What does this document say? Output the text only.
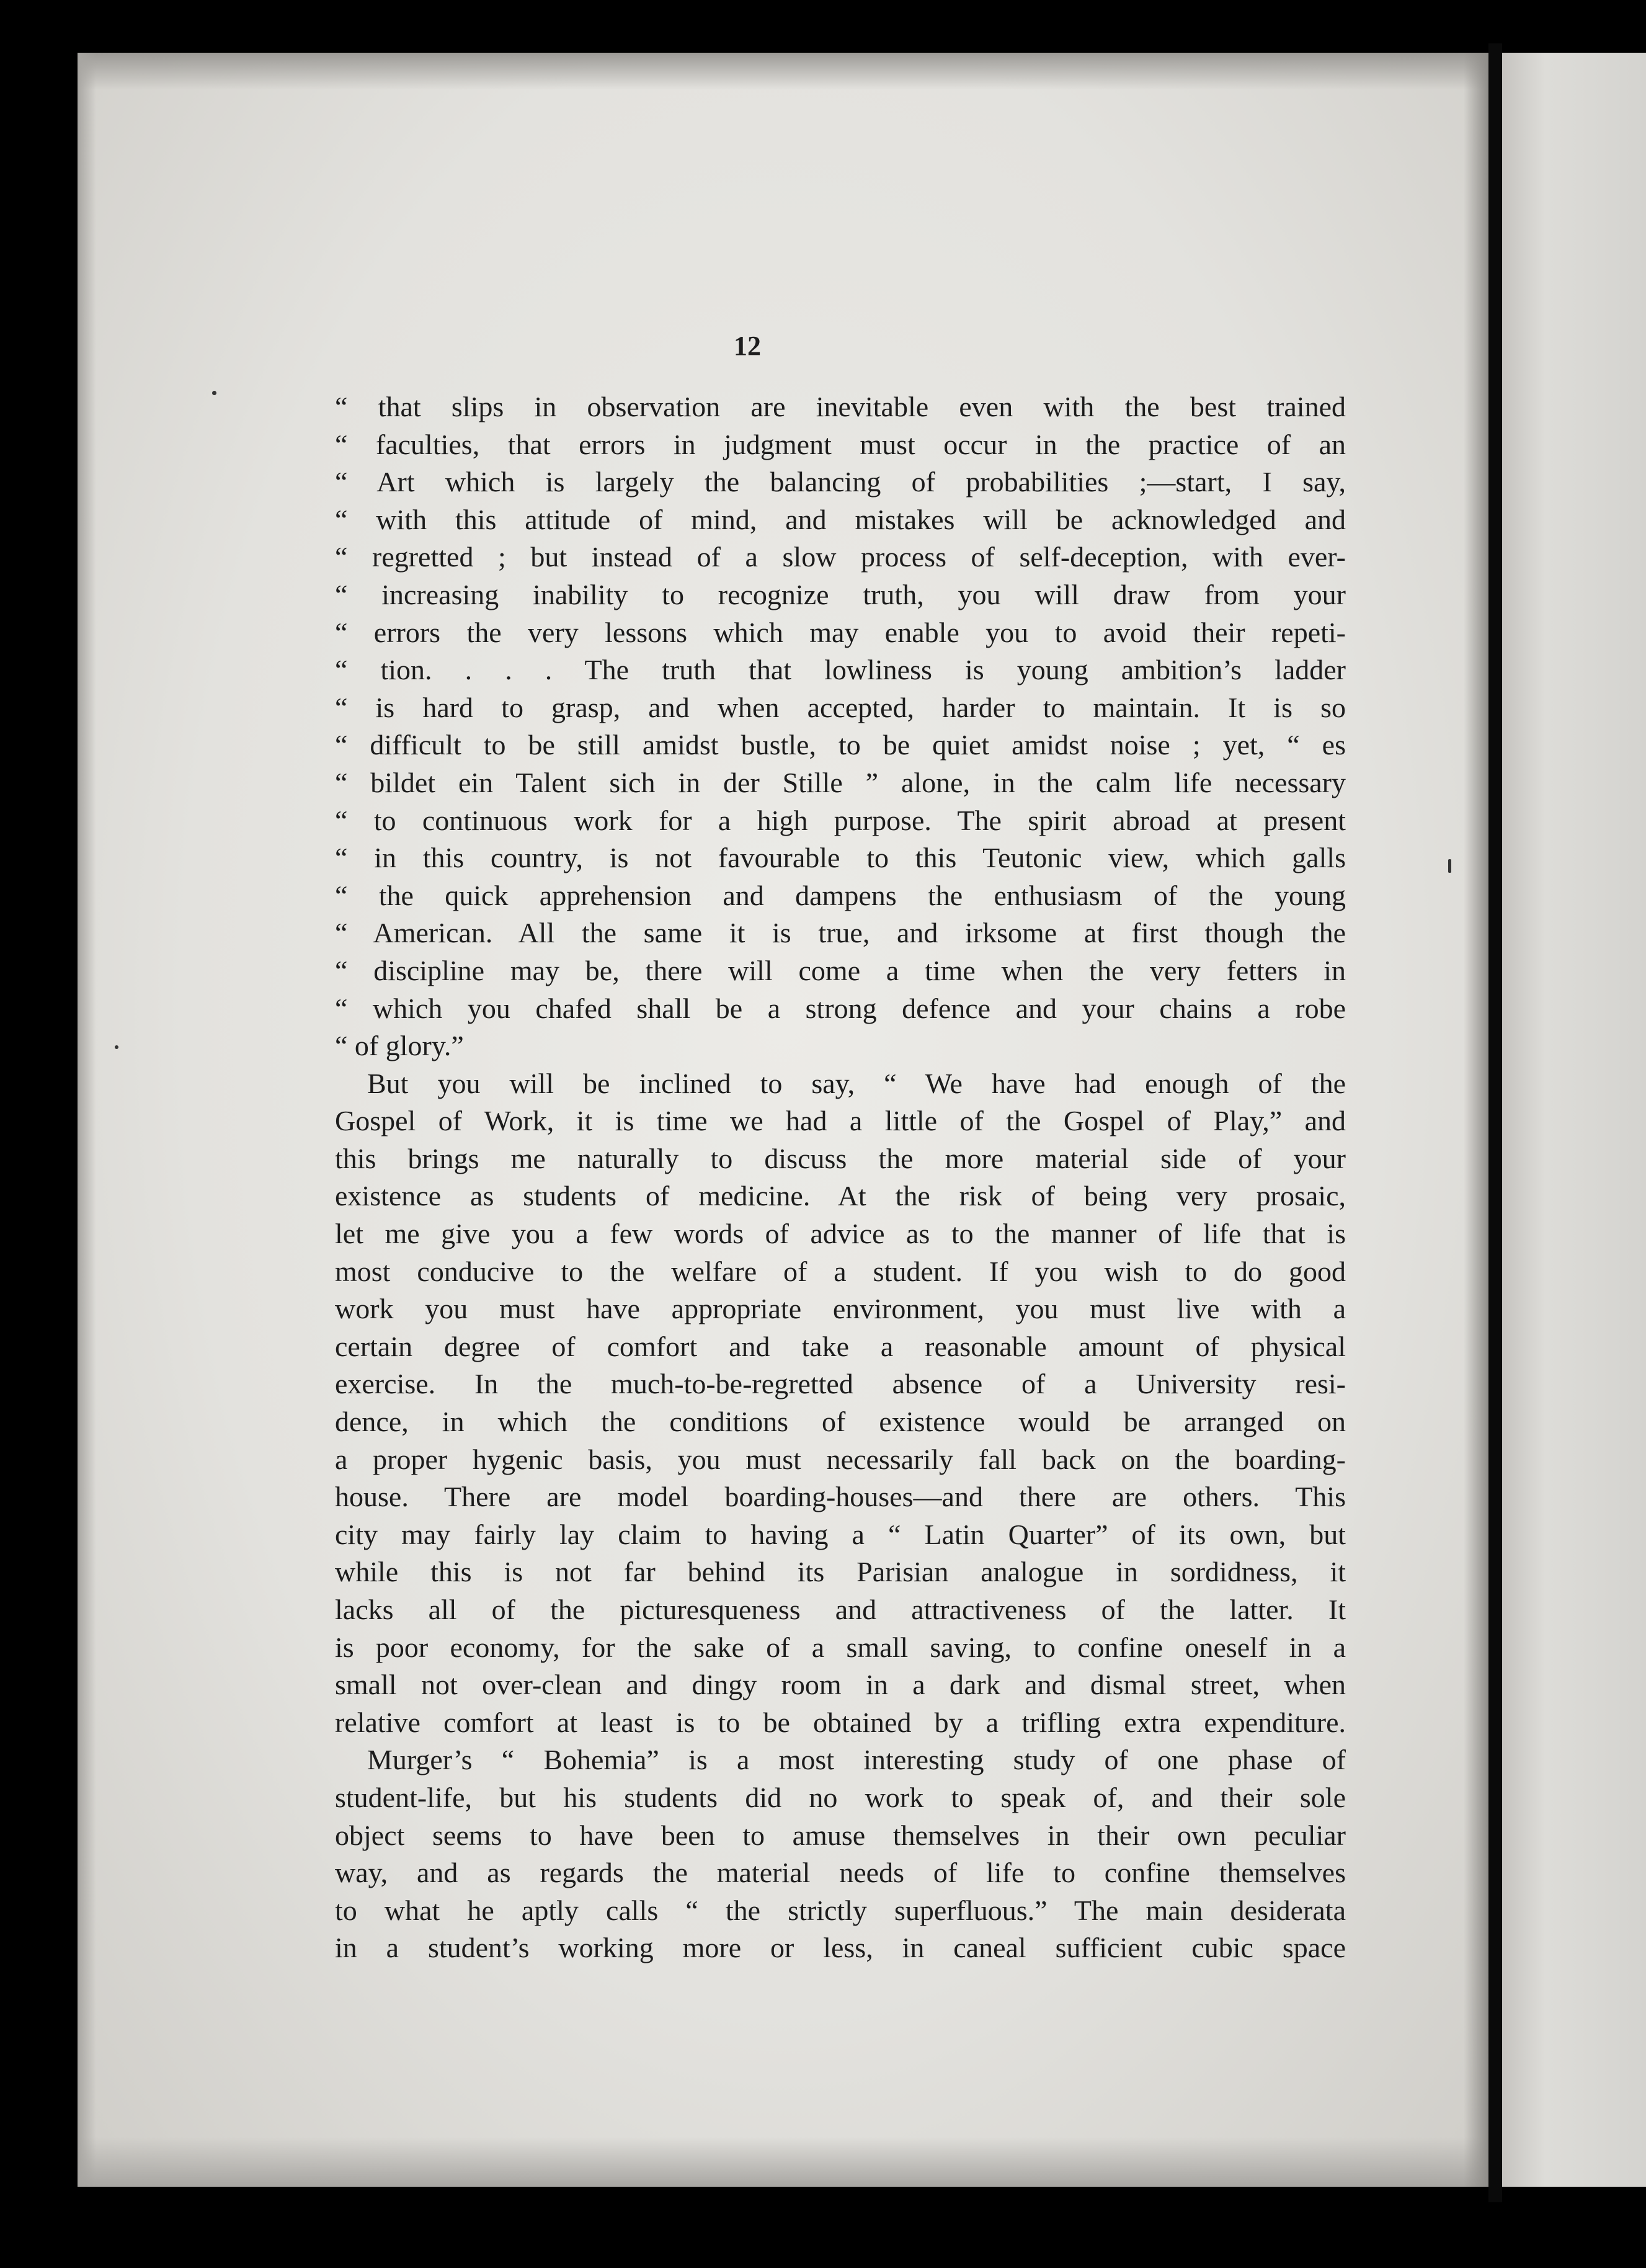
12
“ that slips in observation are inevitable even with the best trained
“ faculties, that errors in judgment must occur in the practice of an
“ Art which is largely the balancing of probabilities ;—start, I say,
“ with this attitude of mind, and mistakes will be acknowledged and
“ regretted ; but instead of a slow process of self-deception, with ever-
“ increasing inability to recognize truth, you will draw from your
“ errors the very lessons which may enable you to avoid their repeti-
“ tion. . . . The truth that lowliness is young ambition’s ladder
“ is hard to grasp, and when accepted, harder to maintain. It is so
“ difficult to be still amidst bustle, to be quiet amidst noise ; yet, “ es
“ bildet ein Talent sich in der Stille ” alone, in the calm life necessary
“ to continuous work for a high purpose. The spirit abroad at present
“ in this country, is not favourable to this Teutonic view, which galls
“ the quick apprehension and dampens the enthusiasm of the young
“ American. All the same it is true, and irksome at first though the
“ discipline may be, there will come a time when the very fetters in
“ which you chafed shall be a strong defence and your chains a robe
“ of glory.”
But you will be inclined to say, “ We have had enough of the
Gospel of Work, it is time we had a little of the Gospel of Play,” and
this brings me naturally to discuss the more material side of your
existence as students of medicine. At the risk of being very prosaic,
let me give you a few words of advice as to the manner of life that is
most conducive to the welfare of a student. If you wish to do good
work you must have appropriate environment, you must live with a
certain degree of comfort and take a reasonable amount of physical
exercise. In the much-to-be-regretted absence of a University resi-
dence, in which the conditions of existence would be arranged on
a proper hygenic basis, you must necessarily fall back on the boarding-
house. There are model boarding-houses—and there are others. This
city may fairly lay claim to having a “ Latin Quarter” of its own, but
while this is not far behind its Parisian analogue in sordidness, it
lacks all of the picturesqueness and attractiveness of the latter. It
is poor economy, for the sake of a small saving, to confine oneself in a
small not over-clean and dingy room in a dark and dismal street, when
relative comfort at least is to be obtained by a trifling extra expenditure.
Murger’s “ Bohemia” is a most interesting study of one phase of
student-life, but his students did no work to speak of, and their sole
object seems to have been to amuse themselves in their own peculiar
way, and as regards the material needs of life to confine themselves
to what he aptly calls “ the strictly superfluous.” The main desiderata
in a student’s working more or less, in caneal sufficient cubic space
